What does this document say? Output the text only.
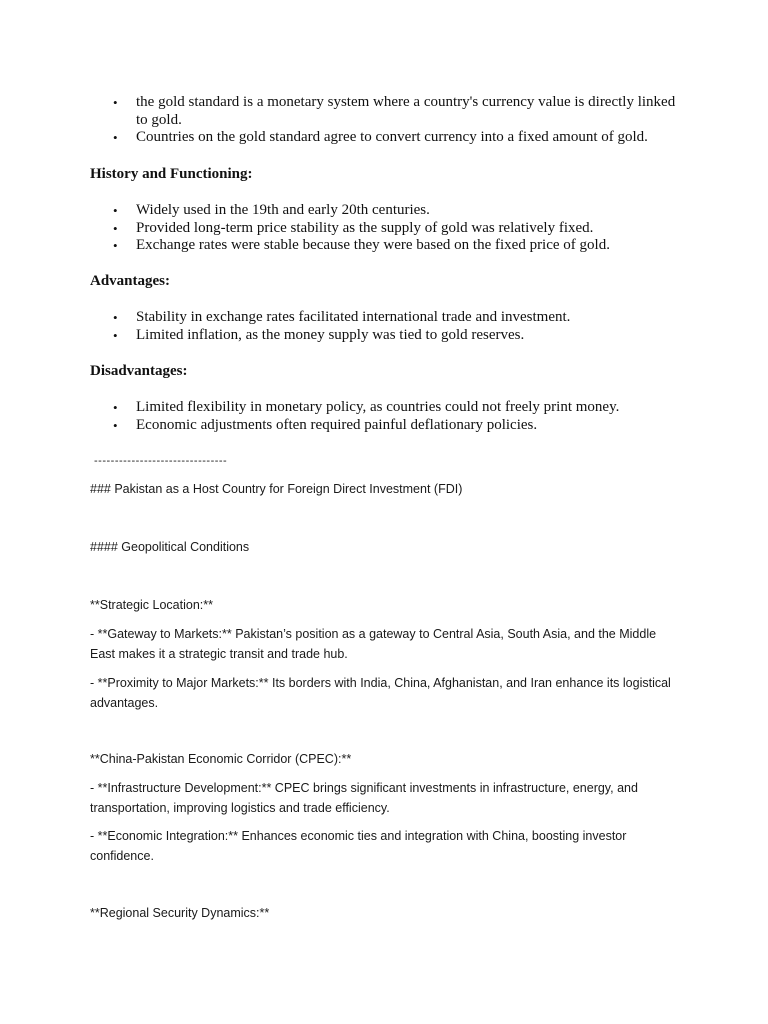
• the gold standard is a monetary system where a country's currency value is directly linked to gold.
• Countries on the gold standard agree to convert currency into a fixed amount of gold.
History and Functioning:
• Widely used in the 19th and early 20th centuries.
• Provided long-term price stability as the supply of gold was relatively fixed.
• Exchange rates were stable because they were based on the fixed price of gold.
Advantages:
• Stability in exchange rates facilitated international trade and investment.
• Limited inflation, as the money supply was tied to gold reserves.
Disadvantages:
• Limited flexibility in monetary policy, as countries could not freely print money.
• Economic adjustments often required painful deflationary policies.
--------------------------------
### Pakistan as a Host Country for Foreign Direct Investment (FDI)
#### Geopolitical Conditions
**Strategic Location:**

- **Gateway to Markets:** Pakistan’s position as a gateway to Central Asia, South Asia, and the Middle East makes it a strategic transit and trade hub.

- **Proximity to Major Markets:** Its borders with India, China, Afghanistan, and Iran enhance its logistical advantages.

**China-Pakistan Economic Corridor (CPEC):**

- **Infrastructure Development:** CPEC brings significant investments in infrastructure, energy, and transportation, improving logistics and trade efficiency.

- **Economic Integration:** Enhances economic ties and integration with China, boosting investor confidence.

**Regional Security Dynamics:**
